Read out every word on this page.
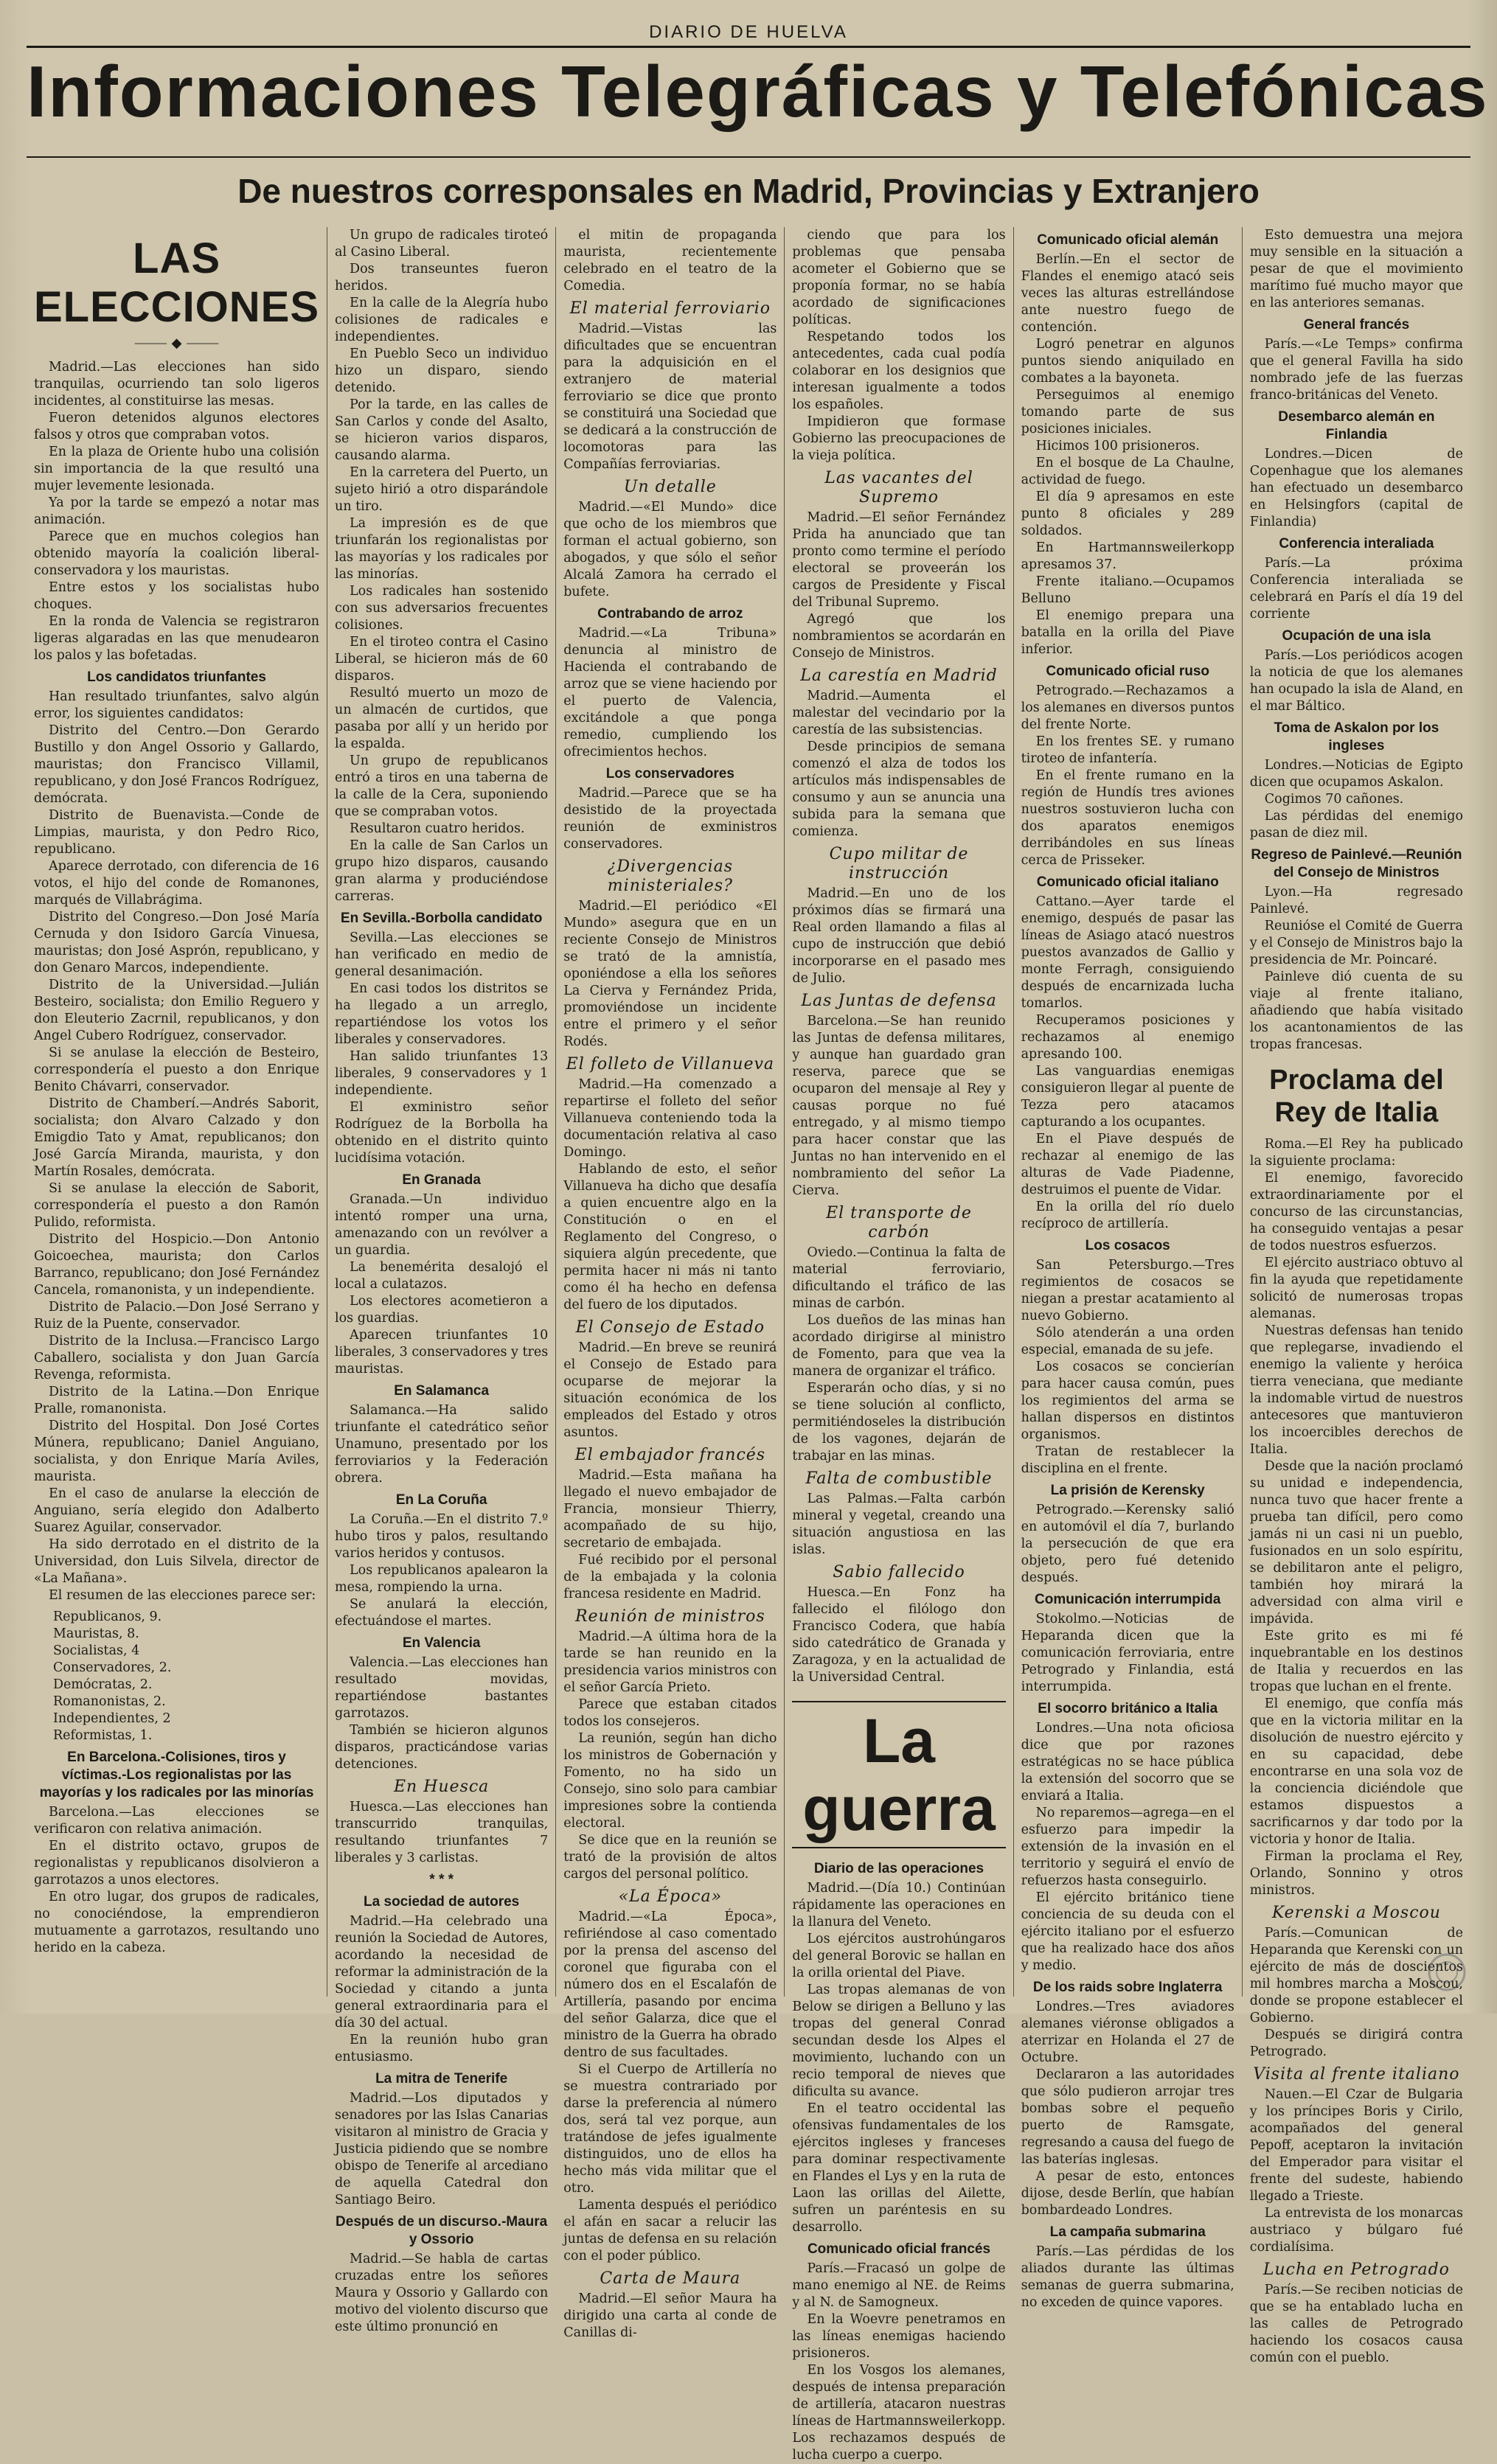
DIARIO DE HUELVA
Informaciones Telegráficas y Telefónicas
De nuestros corresponsales en Madrid, Provincias y Extranjero
LAS ELECCIONES
⸻ ◆ ⸻

Madrid.—Las elecciones han sido tranquilas, ocurriendo tan solo ligeros incidentes, al constituirse las mesas.

Fueron detenidos algunos electores falsos y otros que compraban votos.

En la plaza de Oriente hubo una colisión sin importancia de la que resultó una mujer levemente lesionada.

Ya por la tarde se empezó a notar mas animación.

Parece que en muchos colegios han obtenido mayoría la coalición liberal-conservadora y los mauristas.

Entre estos y los socialistas hubo choques.

En la ronda de Valencia se registraron ligeras algaradas en las que menudearon los palos y las bofetadas.

Los candidatos triunfantes

Han resultado triunfantes, salvo algún error, los siguientes candidatos:

Distrito del Centro.—Don Gerardo Bustillo y don Angel Ossorio y Gallardo, mauristas; don Francisco Villamil, republicano, y don José Francos Rodríguez, demócrata.

Distrito de Buenavista.—Conde de Limpias, maurista, y don Pedro Rico, republicano.

Aparece derrotado, con diferencia de 16 votos, el hijo del conde de Romanones, marqués de Villabrágima.

Distrito del Congreso.—Don José María Cernuda y don Isidoro García Vinuesa, mauristas; don José Asprón, republicano, y don Genaro Marcos, independiente.

Distrito de la Universidad.—Julián Besteiro, socialista; don Emilio Reguero y don Eleuterio Zacrnil, republicanos, y don Angel Cubero Rodríguez, conservador.

Si se anulase la elección de Besteiro, correspondería el puesto a don Enrique Benito Chávarri, conservador.

Distrito de Chamberí.—Andrés Saborit, socialista; don Alvaro Calzado y don Emigdio Tato y Amat, republicanos; don José García Miranda, maurista, y don Martín Rosales, demócrata.

Si se anulase la elección de Saborit, correspondería el puesto a don Ramón Pulido, reformista.

Distrito del Hospicio.—Don Antonio Goicoechea, maurista; don Carlos Barranco, republicano; don José Fernández Cancela, romanonista, y un independiente.

Distrito de Palacio.—Don José Serrano y Ruiz de la Puente, conservador.

Distrito de la Inclusa.—Francisco Largo Caballero, socialista y don Juan García Revenga, reformista.

Distrito de la Latina.—Don Enrique Pralle, romanonista.

Distrito del Hospital. Don José Cortes Múnera, republicano; Daniel Anguiano, socialista, y don Enrique María Aviles, maurista.

En el caso de anularse la elección de Anguiano, sería elegido don Adalberto Suarez Aguilar, conservador.

Ha sido derrotado en el distrito de la Universidad, don Luis Silvela, director de «La Mañana».

El resumen de las elecciones parece ser:

Republicanos, 9.
Mauristas, 8.
Socialistas, 4
Conservadores, 2.
Demócratas, 2.
Romanonistas, 2.
Independientes, 2
Reformistas, 1.
En Barcelona.-Colisiones, tiros y víctimas.-Los regionalistas por las mayorías y los radicales por las minorías

Barcelona.—Las elecciones se verificaron con relativa animación.

En el distrito octavo, grupos de regionalistas y republicanos disolvieron a garrotazos a unos electores.

En otro lugar, dos grupos de radicales, no conociéndose, la emprendieron mutuamente a garrotazos, resultando uno herido en la cabeza.

Un grupo de radicales tiroteó al Casino Liberal.

Dos transeuntes fueron heridos.

En la calle de la Alegría hubo colisiones de radicales e independientes.

En Pueblo Seco un individuo hizo un disparo, siendo detenido.

Por la tarde, en las calles de San Carlos y conde del Asalto, se hicieron varios disparos, causando alarma.

En la carretera del Puerto, un sujeto hirió a otro disparándole un tiro.

La impresión es de que triunfarán los regionalistas por las mayorías y los radicales por las minorías.

Los radicales han sostenido con sus adversarios frecuentes colisiones.

En el tiroteo contra el Casino Liberal, se hicieron más de 60 disparos.

Resultó muerto un mozo de un almacén de curtidos, que pasaba por allí y un herido por la espalda.

Un grupo de republicanos entró a tiros en una taberna de la calle de la Cera, suponiendo que se compraban votos.

Resultaron cuatro heridos.

En la calle de San Carlos un grupo hizo disparos, causando gran alarma y produciéndose carreras.

En Sevilla.-Borbolla candidato

Sevilla.—Las elecciones se han verificado en medio de general desanimación.

En casi todos los distritos se ha llegado a un arreglo, repartiéndose los votos los liberales y conservadores.

Han salido triunfantes 13 liberales, 9 conservadores y 1 independiente.

El exministro señor Rodríguez de la Borbolla ha obtenido en el distrito quinto lucidísima votación.

En Granada

Granada.—Un individuo intentó romper una urna, amenazando con un revólver a un guardia.

La benemérita desalojó el local a culatazos.

Los electores acometieron a los guardias.

Aparecen triunfantes 10 liberales, 3 conservadores y tres mauristas.

En Salamanca

Salamanca.—Ha salido triunfante el catedrático señor Unamuno, presentado por los ferroviarios y la Federación obrera.

En La Coruña

La Coruña.—En el distrito 7.º hubo tiros y palos, resultando varios heridos y contusos.

Los republicanos apalearon la mesa, rompiendo la urna.

Se anulará la elección, efectuándose el martes.

En Valencia

Valencia.—Las elecciones han resultado movidas, repartiéndose bastantes garrotazos.

También se hicieron algunos disparos, practicándose varias detenciones.

En Huesca

Huesca.—Las elecciones han transcurrido tranquilas, resultando triunfantes 7 liberales y 3 carlistas.

* * *
La sociedad de autores

Madrid.—Ha celebrado una reunión la Sociedad de Autores, acordando la necesidad de reformar la administración de la Sociedad y citando a junta general extraordinaria para el día 30 del actual.

En la reunión hubo gran entusiasmo.

La mitra de Tenerife

Madrid.—Los diputados y senadores por las Islas Canarias visitaron al ministro de Gracia y Justicia pidiendo que se nombre obispo de Tenerife al arcediano de aquella Catedral don Santiago Beiro.

Después de un discurso.-Maura y Ossorio

Madrid.—Se habla de cartas cruzadas entre los señores Maura y Ossorio y Gallardo con motivo del violento discurso que este último pronunció en

el mitin de propaganda maurista, recientemente celebrado en el teatro de la Comedia.

El material ferroviario

Madrid.—Vistas las dificultades que se encuentran para la adquisición en el extranjero de material ferroviario se dice que pronto se constituirá una Sociedad que se dedicará a la construcción de locomotoras para las Compañías ferroviarias.

Un detalle

Madrid.—«El Mundo» dice que ocho de los miembros que forman el actual gobierno, son abogados, y que sólo el señor Alcalá Zamora ha cerrado el bufete.

Contrabando de arroz

Madrid.—«La Tribuna» denuncia al ministro de Hacienda el contrabando de arroz que se viene haciendo por el puerto de Valencia, excitándole a que ponga remedio, cumpliendo los ofrecimientos hechos.

Los conservadores

Madrid.—Parece que se ha desistido de la proyectada reunión de exministros conservadores.

¿Divergencias ministeriales?

Madrid.—El periódico «El Mundo» asegura que en un reciente Consejo de Ministros se trató de la amnistía, oponiéndose a ella los señores La Cierva y Fernández Prida, promoviéndose un incidente entre el primero y el señor Rodés.

El folleto de Villanueva

Madrid.—Ha comenzado a repartirse el folleto del señor Villanueva conteniendo toda la documentación relativa al caso Domingo.

Hablando de esto, el señor Villanueva ha dicho que desafía a quien encuentre algo en la Constitución o en el Reglamento del Congreso, o siquiera algún precedente, que permita hacer ni más ni tanto como él ha hecho en defensa del fuero de los diputados.

El Consejo de Estado

Madrid.—En breve se reunirá el Consejo de Estado para ocuparse de mejorar la situación económica de los empleados del Estado y otros asuntos.

El embajador francés

Madrid.—Esta mañana ha llegado el nuevo embajador de Francia, monsieur Thierry, acompañado de su hijo, secretario de embajada.

Fué recibido por el personal de la embajada y la colonia francesa residente en Madrid.

Reunión de ministros

Madrid.—A última hora de la tarde se han reunido en la presidencia varios ministros con el señor García Prieto.

Parece que estaban citados todos los consejeros.

La reunión, según han dicho los ministros de Gobernación y Fomento, no ha sido un Consejo, sino solo para cambiar impresiones sobre la contienda electoral.

Se dice que en la reunión se trató de la provisión de altos cargos del personal político.

«La Época»

Madrid.—«La Época», refiriéndose al caso comentado por la prensa del ascenso del coronel que figuraba con el número dos en el Escalafón de Artillería, pasando por encima del señor Galarza, dice que el ministro de la Guerra ha obrado dentro de sus facultades.

Si el Cuerpo de Artillería no se muestra contrariado por darse la preferencia al número dos, será tal vez porque, aun tratándose de jefes igualmente distinguidos, uno de ellos ha hecho más vida militar que el otro.

Lamenta después el periódico el afán en sacar a relucir las juntas de defensa en su relación con el poder público.

Carta de Maura

Madrid.—El señor Maura ha dirigido una carta al conde de Canillas di-

ciendo que para los problemas que pensaba acometer el Gobierno que se proponía formar, no se había acordado de significaciones políticas.

Respetando todos los antecedentes, cada cual podía colaborar en los designios que interesan igualmente a todos los españoles.

Impidieron que formase Gobierno las preocupaciones de la vieja política.

Las vacantes del Supremo

Madrid.—El señor Fernández Prida ha anunciado que tan pronto como termine el período electoral se proveerán los cargos de Presidente y Fiscal del Tribunal Supremo.

Agregó que los nombramientos se acordarán en Consejo de Ministros.

La carestía en Madrid

Madrid.—Aumenta el malestar del vecindario por la carestía de las subsistencias.

Desde principios de semana comenzó el alza de todos los artículos más indispensables de consumo y aun se anuncia una subida para la semana que comienza.

Cupo militar de instrucción

Madrid.—En uno de los próximos días se firmará una Real orden llamando a filas al cupo de instrucción que debió incorporarse en el pasado mes de Julio.

Las Juntas de defensa

Barcelona.—Se han reunido las Juntas de defensa militares, y aunque han guardado gran reserva, parece que se ocuparon del mensaje al Rey y causas porque no fué entregado, y al mismo tiempo para hacer constar que las Juntas no han intervenido en el nombramiento del señor La Cierva.

El transporte de carbón

Oviedo.—Continua la falta de material ferroviario, dificultando el tráfico de las minas de carbón.

Los dueños de las minas han acordado dirigirse al ministro de Fomento, para que vea la manera de organizar el tráfico.

Esperarán ocho días, y si no se tiene solución al conflicto, permitiéndoseles la distribución de los vagones, dejarán de trabajar en las minas.

Falta de combustible

Las Palmas.—Falta carbón mineral y vegetal, creando una situación angustiosa en las islas.

Sabio fallecido

Huesca.—En Fonz ha fallecido el filólogo don Francisco Codera, que había sido catedrático de Granada y Zaragoza, y en la actualidad de la Universidad Central.

La guerra
Diario de las operaciones

Madrid.—(Día 10.) Continúan rápidamente las operaciones en la llanura del Veneto.

Los ejércitos austrohúngaros del general Borovic se hallan en la orilla oriental del Piave.

Las tropas alemanas de von Below se dirigen a Belluno y las tropas del general Conrad secundan desde los Alpes el movimiento, luchando con un recio temporal de nieves que dificulta su avance.

En el teatro occidental las ofensivas fundamentales de los ejércitos ingleses y franceses para dominar respectivamente en Flandes el Lys y en la ruta de Laon las orillas del Ailette, sufren un paréntesis en su desarrollo.

Comunicado oficial francés

París.—Fracasó un golpe de mano enemigo al NE. de Reims y al N. de Samogneux.

En la Woevre penetramos en las líneas enemigas haciendo prisioneros.

En los Vosgos los alemanes, después de intensa preparación de artillería, atacaron nuestras líneas de Hartmannsweilerkopp. Los rechazamos después de lucha cuerpo a cuerpo.

Comunicado oficial alemán

Berlín.—En el sector de Flandes el enemigo atacó seis veces las alturas estrellándose ante nuestro fuego de contención.

Logró penetrar en algunos puntos siendo aniquilado en combates a la bayoneta.

Perseguimos al enemigo tomando parte de sus posiciones iniciales.

Hicimos 100 prisioneros.

En el bosque de La Chaulne, actividad de fuego.

El día 9 apresamos en este punto 8 oficiales y 289 soldados.

En Hartmannsweilerkopp apresamos 37.

Frente italiano.—Ocupamos Belluno

El enemigo prepara una batalla en la orilla del Piave inferior.

Comunicado oficial ruso

Petrogrado.—Rechazamos a los alemanes en diversos puntos del frente Norte.

En los frentes SE. y rumano tiroteo de infantería.

En el frente rumano en la región de Hundís tres aviones nuestros sostuvieron lucha con dos aparatos enemigos derribándoles en sus líneas cerca de Prisseker.

Comunicado oficial italiano

Cattano.—Ayer tarde el enemigo, después de pasar las líneas de Asiago atacó nuestros puestos avanzados de Gallio y monte Ferragh, consiguiendo después de encarnizada lucha tomarlos.

Recuperamos posiciones y rechazamos al enemigo apresando 100.

Las vanguardias enemigas consiguieron llegar al puente de Tezza pero atacamos capturando a los ocupantes.

En el Piave después de rechazar al enemigo de las alturas de Vade Piadenne, destruimos el puente de Vidar.

En la orilla del río duelo recíproco de artillería.

Los cosacos

San Petersburgo.—Tres regimientos de cosacos se niegan a prestar acatamiento al nuevo Gobierno.

Sólo atenderán a una orden especial, emanada de su jefe.

Los cosacos se concierían para hacer causa común, pues los regimientos del arma se hallan dispersos en distintos organismos.

Tratan de restablecer la disciplina en el frente.

La prisión de Kerensky

Petrogrado.—Kerensky salió en automóvil el día 7, burlando la persecución de que era objeto, pero fué detenido después.

Comunicación interrumpida

Stokolmo.—Noticias de Heparanda dicen que la comunicación ferroviaria, entre Petrogrado y Finlandia, está interrumpida.

El socorro británico a Italia

Londres.—Una nota oficiosa dice que por razones estratégicas no se hace pública la extensión del socorro que se enviará a Italia.

No reparemos—agrega—en el esfuerzo para impedir la extensión de la invasión en el territorio y seguirá el envío de refuerzos hasta conseguirlo.

El ejército británico tiene conciencia de su deuda con el ejército italiano por el esfuerzo que ha realizado hace dos años y medio.

De los raids sobre Inglaterra

Londres.—Tres aviadores alemanes viéronse obligados a aterrizar en Holanda el 27 de Octubre.

Declararon a las autoridades que sólo pudieron arrojar tres bombas sobre el pequeño puerto de Ramsgate, regresando a causa del fuego de las baterías inglesas.

A pesar de esto, entonces dijose, desde Berlín, que habían bombardeado Londres.

La campaña submarina

París.—Las pérdidas de los aliados durante las últimas semanas de guerra submarina, no exceden de quince vapores.

Esto demuestra una mejora muy sensible en la situación a pesar de que el movimiento marítimo fué mucho mayor que en las anteriores semanas.

General francés

París.—«Le Temps» confirma que el general Favilla ha sido nombrado jefe de las fuerzas franco-británicas del Veneto.

Desembarco alemán en Finlandia

Londres.—Dicen de Copenhague que los alemanes han efectuado un desembarco en Helsingfors (capital de Finlandia)

Conferencia interaliada

París.—La próxima Conferencia interaliada se celebrará en París el día 19 del corriente

Ocupación de una isla

París.—Los periódicos acogen la noticia de que los alemanes han ocupado la isla de Aland, en el mar Báltico.

Toma de Askalon por los ingleses

Londres.—Noticias de Egipto dicen que ocupamos Askalon.

Cogimos 70 cañones.

Las pérdidas del enemigo pasan de diez mil.

Regreso de Painlevé.—Reunión del Consejo de Ministros

Lyon.—Ha regresado Painlevé.

Reunióse el Comité de Guerra y el Consejo de Ministros bajo la presidencia de Mr. Poincaré.

Painleve dió cuenta de su viaje al frente italiano, añadiendo que había visitado los acantonamientos de las tropas francesas.

Proclama del Rey de Italia

Roma.—El Rey ha publicado la siguiente proclama:

El enemigo, favorecido extraordinariamente por el concurso de las circunstancias, ha conseguido ventajas a pesar de todos nuestros esfuerzos.

El ejército austriaco obtuvo al fin la ayuda que repetidamente solicitó de numerosas tropas alemanas.

Nuestras defensas han tenido que replegarse, invadiendo el enemigo la valiente y heróica tierra veneciana, que mediante la indomable virtud de nuestros antecesores que mantuvieron los incoercibles derechos de Italia.

Desde que la nación proclamó su unidad e independencia, nunca tuvo que hacer frente a prueba tan difícil, pero como jamás ni un casi ni un pueblo, fusionados en un solo espíritu, se debilitaron ante el peligro, también hoy mirará la adversidad con alma viril e impávida.

Este grito es mi fé inquebrantable en los destinos de Italia y recuerdos en las tropas que luchan en el frente.

El enemigo, que confía más que en la victoria militar en la disolución de nuestro ejército y en su capacidad, debe encontrarse en una sola voz de la conciencia diciéndole que estamos dispuestos a sacrificarnos y dar todo por la victoria y honor de Italia.

Firman la proclama el Rey, Orlando, Sonnino y otros ministros.

Kerenski a Moscou

París.—Comunican de Heparanda que Kerenski con un ejército de más de doscientos mil hombres marcha a Moscou, donde se propone establecer el Gobierno.

Después se dirigirá contra Petrogrado.

Visita al frente italiano

Nauen.—El Czar de Bulgaria y los príncipes Boris y Cirilo, acompañados del general Pepoff, aceptaron la invitación del Emperador para visitar el frente del sudeste, habiendo llegado a Trieste.

La entrevista de los monarcas austriaco y búlgaro fué cordialísima.

Lucha en Petrogrado

París.—Se reciben noticias de que se ha entablado lucha en las calles de Petrogrado haciendo los cosacos causa común con el pueblo.
